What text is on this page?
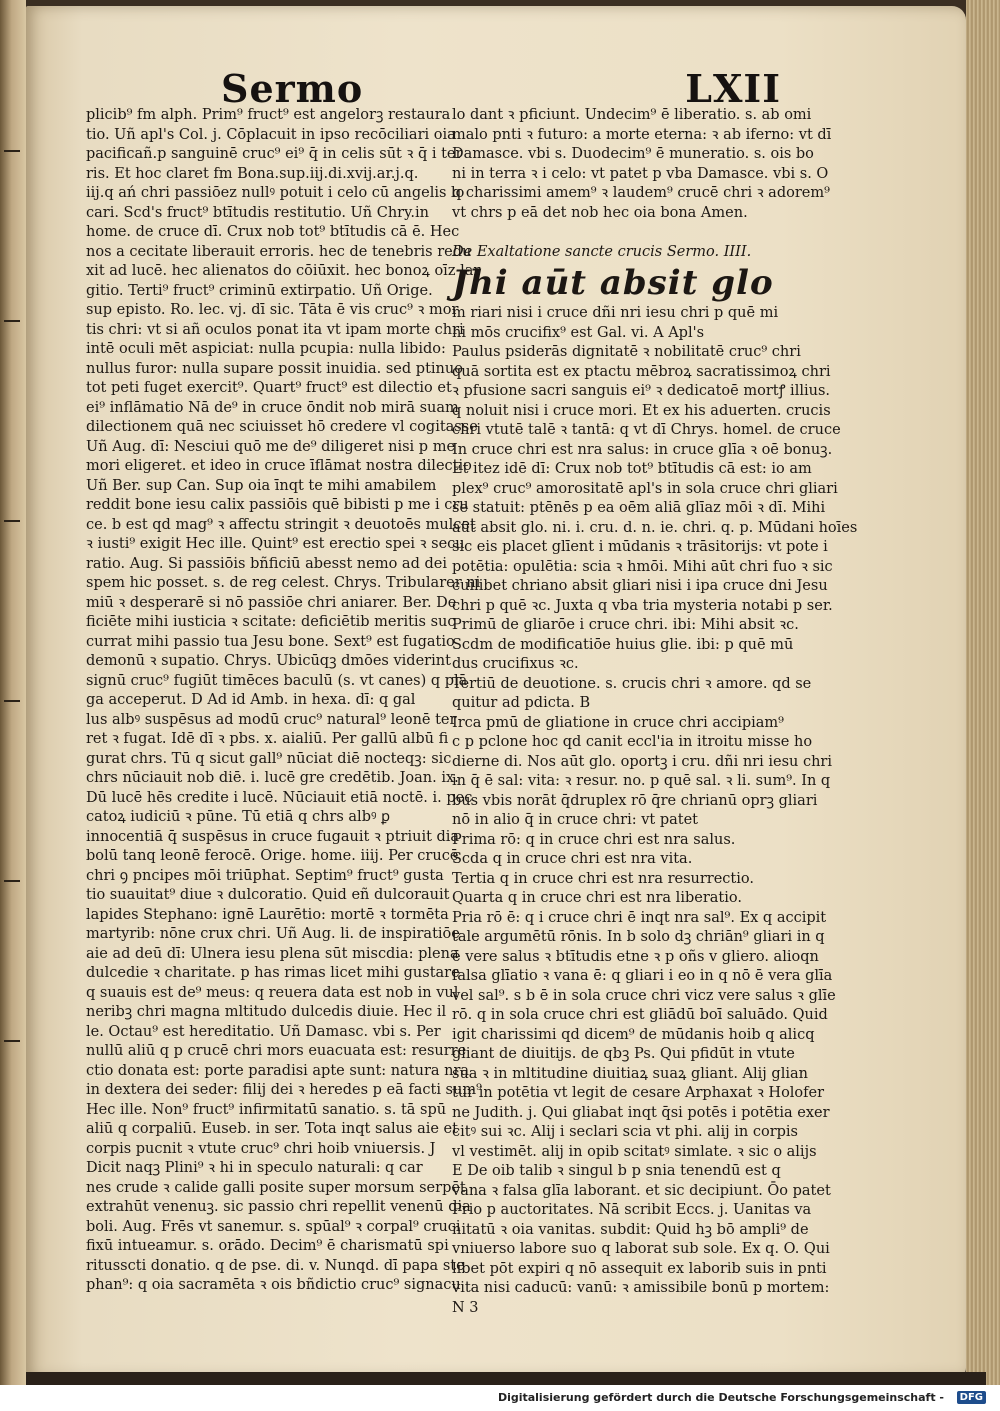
Sermo	LXII
plicib⁹ fm alph. Prim⁹ fruct⁹ est angelorꝫ restaura
tio. Uñ apl's Col. j. Cōplacuit in ipso recōciliari oia
pacificañ.p sanguinē cruc⁹ ei⁹ q̄ in celis sūt ꝛ q̄ i ter
ris. Et hoc claret fm Bona.sup.iij.di.xvij.ar.j.q.
iij.q ań chri passiōez nullꝰ potuit i celo cū angelis lo
cari. Scd's fruct⁹ btītudis restitutio. Uñ Chry.in
home. de cruce dī. Crux nob tot⁹ btītudis cā ē. Hec
nos a cecitate liberauit erroris. hec de tenebris redu
xit ad lucē. hec alienatos do cōiūxit. hec bonoꝝ oīz lar
gitio. Terti⁹ fruct⁹ criminū extirpatio. Uñ Orige.
sup episto. Ro. lec. vj. dī sic. Tāta ē vis cruc⁹ ꝛ mor
tis chri: vt si añ oculos ponat ita vt ipam morte chri
intē oculi mēt aspiciat: nulla pcupia: nulla libido:
nullus furor: nulla supare possit inuidia. sed ptinuo
tot peti fuget exercit⁹. Quart⁹ fruct⁹ est dilectio et
ei⁹ inflāmatio Nā de⁹ in cruce ōndit nob mirā suam
dilectionem quā nec sciuisset hō credere vl cogitasse
Uñ Aug. dī: Nesciui quō me de⁹ diligeret nisi p me
mori eligeret. et ideo in cruce īflāmat nostra dilectio
Uñ Ber. sup Can. Sup oia īnqt te mihi amabilem
reddit bone iesu calix passiōis quē bibisti p me i cru
ce. b est qd mag⁹ ꝛ affectu stringit ꝛ deuotoēs mulcet
ꝛ iusti⁹ exigit Hec ille. Quint⁹ est erectio spei ꝛ secu
ratio. Aug. Si passiōis bñficiū abesst nemo ad dei
spem hic posset. s. de reg celest. Chrys. Tribularer ni
miū ꝛ desperarē si nō passiōe chri aniarer. Ber. De
ficiēte mihi iusticia ꝛ scitate: deficiētib meritis suc
currat mihi passio tua Jesu bone. Sext⁹ est fugatio
demonū ꝛ supatio. Chrys. Ubicūqꝫ dmōes viderint
signū cruc⁹ fugiūt timēces baculū (s. vt canes) q plā
ga acceperut. D Ad id Amb. in hexa. dī: q gal
lus albꝰ suspēsus ad modū cruc⁹ natural⁹ leonē ter
ret ꝛ fugat. Idē dī ꝛ pbs. x. aialiū. Per gallū albū fi
gurat chrs. Tū q sicut gall⁹ nūciat diē nocteqꝫ: sic
chrs nūciauit nob diē. i. lucē gre credētib. Joan. ix.
Dū lucē hēs credite i lucē. Nūciauit etiā noctē. i. pec
catoꝝ iudiciū ꝛ pūne. Tū etiā q chrs albꝰ ꝑ
innocentiā q̄ suspēsus in cruce fugauit ꝛ ptriuit dia
bolū tanq leonē ferocē. Orige. home. iiij. Per crucē
chri ꝯ pncipes mōi triūphat. Septim⁹ fruct⁹ gusta
tio suauitat⁹ diue ꝛ dulcoratio. Quid eñ dulcorauit
lapides Stephano: ignē Laurētio: mortē ꝛ tormēta
martyrib: nōne crux chri. Uñ Aug. li. de inspiratiōe
aie ad deū dī: Ulnera iesu plena sūt miscdia: plena
dulcedie ꝛ charitate. p has rimas licet mihi gustare
q suauis est de⁹ meus: q reuera data est nob in vul
neribꝫ chri magna mltitudo dulcedis diuie. Hec il
le. Octau⁹ est hereditatio. Uñ Damasc. vbi s. Per
nullū aliū q p crucē chri mors euacuata est: resurre
ctio donata est: porte paradisi apte sunt: natura nra
in dextera dei seder: filij dei ꝛ heredes p eā facti sum⁹
Hec ille. Non⁹ fruct⁹ infirmitatū sanatio. s. tā spū
aliū q corpaliū. Euseb. in ser. Tota inqt salus aie et
corpis pucnit ꝛ vtute cruc⁹ chri hoib vniuersis. J
Dicit naqꝫ Plini⁹ ꝛ hi in speculo naturali: q car
nes crude ꝛ calide galli posite super morsum serpēt
extrahūt venenuꝫ. sic passio chri repellit venenū dia
boli. Aug. Frēs vt sanemur. s. spūal⁹ ꝛ corpal⁹ cruci
fixū intueamur. s. orādo. Decim⁹ ē charismatū spi
ritusscti donatio. q de pse. di. v. Nunqd. dī papa ste
phan⁹: q oia sacramēta ꝛ ois bñdictio cruc⁹ signacu
lo dant ꝛ pficiunt. Undecim⁹ ē liberatio. s. ab omi
malo pnti ꝛ futuro: a morte eterna: ꝛ ab iferno: vt dī
Damasce. vbi s. Duodecim⁹ ē muneratio. s. ois bo
ni in terra ꝛ i celo: vt patet p vba Damasce. vbi s. O
q charissimi amem⁹ ꝛ laudem⁹ crucē chri ꝛ adorem⁹
vt chrs p eā det nob hec oia bona Amen.
De Exaltatione sancte crucis Sermo. IIII.
Jhi aūt absit glo
m riari nisi i cruce dñi nri iesu chri p quē mi
hi mōs crucifix⁹ est Gal. vi. A Apl's
Paulus psiderās dignitatē ꝛ nobilitatē cruc⁹ chri
quā sortita est ex ptactu mēbroꝝ sacratissimoꝝ chri
ꝛ pfusione sacri sanguis ei⁹ ꝛ dedicatoē mortꝭ illius.
q noluit nisi i cruce mori. Et ex his aduerten. crucis
chri vtutē talē ꝛ tantā: q vt dī Chrys. homel. de cruce
In cruce chri est nra salus: in cruce glīa ꝛ oē bonuꝫ.
Et itez idē dī: Crux nob tot⁹ btītudis cā est: io am
plex⁹ cruc⁹ amorositatē apl's in sola cruce chri gliari
se statuit: ptēnēs p ea oēm aliā glīaz mōi ꝛ dī. Mihi
aūt absit glo. ni. i. cru. d. n. ie. chri. q. p. Mūdani hoīes
sic eis placet glīent i mūdanis ꝛ trāsitorijs: vt pote i
potētia: opulētia: scia ꝛ hmōi. Mihi aūt chri fuo ꝛ sic
cuilibet chriano absit gliari nisi i ipa cruce dni Jesu
chri p quē ꝛc. Juxta q vba tria mysteria notabi p ser.
Primū de gliarōe i cruce chri. ibi: Mihi absit ꝛc.
Scdm de modificatiōe huius glie. ibi: p quē mū
dus crucifixus ꝛc.
Tertiū de deuotione. s. crucis chri ꝛ amore. qd se
quitur ad pdicta. B
Irca pmū de gliatione in cruce chri accipiam⁹
c p pclone hoc qd canit eccl'ia in itroitu misse ho
dierne di. Nos aūt glo. oportꝫ i cru. dñi nri iesu chri
in q̄ ē sal: vita: ꝛ resur. no. p quē sal. ꝛ li. sum⁹. In q
bus vbis norāt q̄druplex rō q̄re chrianū oprꝫ gliari
nō in alio q̄ in cruce chri: vt patet
Prima rō: q in cruce chri est nra salus.
Scda q in cruce chri est nra vita.
Tertia q in cruce chri est nra resurrectio.
Quarta q in cruce chri est nra liberatio.
Pria rō ē: q i cruce chri ē inqt nra sal⁹. Ex q accipit
tale argumētū rōnis. In b solo dꝫ chriān⁹ gliari in q
ē vere salus ꝛ btītudis etne ꝛ p oñs v gliero. alioqn
falsa glīatio ꝛ vana ē: q gliari i eo in q nō ē vera glīa
vel sal⁹. s b ē in sola cruce chri vicz vere salus ꝛ glīe
rō. q in sola cruce chri est gliādū boī saluādo. Quid
igit charissimi qd dicem⁹ de mūdanis hoib q alicq
gliant de diuitijs. de qbꝫ Ps. Qui pfidūt in vtute
sua ꝛ in mltitudine diuitiaꝝ suaꝝ gliant. Alij glian
tur in potētia vt legit de cesare Arphaxat ꝛ Holofer
ne Judith. j. Qui gliabat inqt q̄si potēs i potētia exer
citꝰ sui ꝛc. Alij i seclari scia vt phi. alij in corpis
vl vestimēt. alij in opib scitatꝰ simlate. ꝛ sic o alijs
E De oib talib ꝛ singul b p snia tenendū est q
vana ꝛ falsa glīa laborant. et sic decipiunt. Ōo patet
Prio p auctoritates. Nā scribit Eccs. j. Uanitas va
nitatū ꝛ oia vanitas. subdit: Quid hꝫ bō ampli⁹ de
vniuerso labore suo q laborat sub sole. Ex q. O. Qui
libet pōt expiri q nō assequit ex laborib suis in pnti
vita nisi caducū: vanū: ꝛ amissibile bonū p mortem:
N 3
Digitalisierung gefördert durch die Deutsche Forschungsgemeinschaft -	DFG
